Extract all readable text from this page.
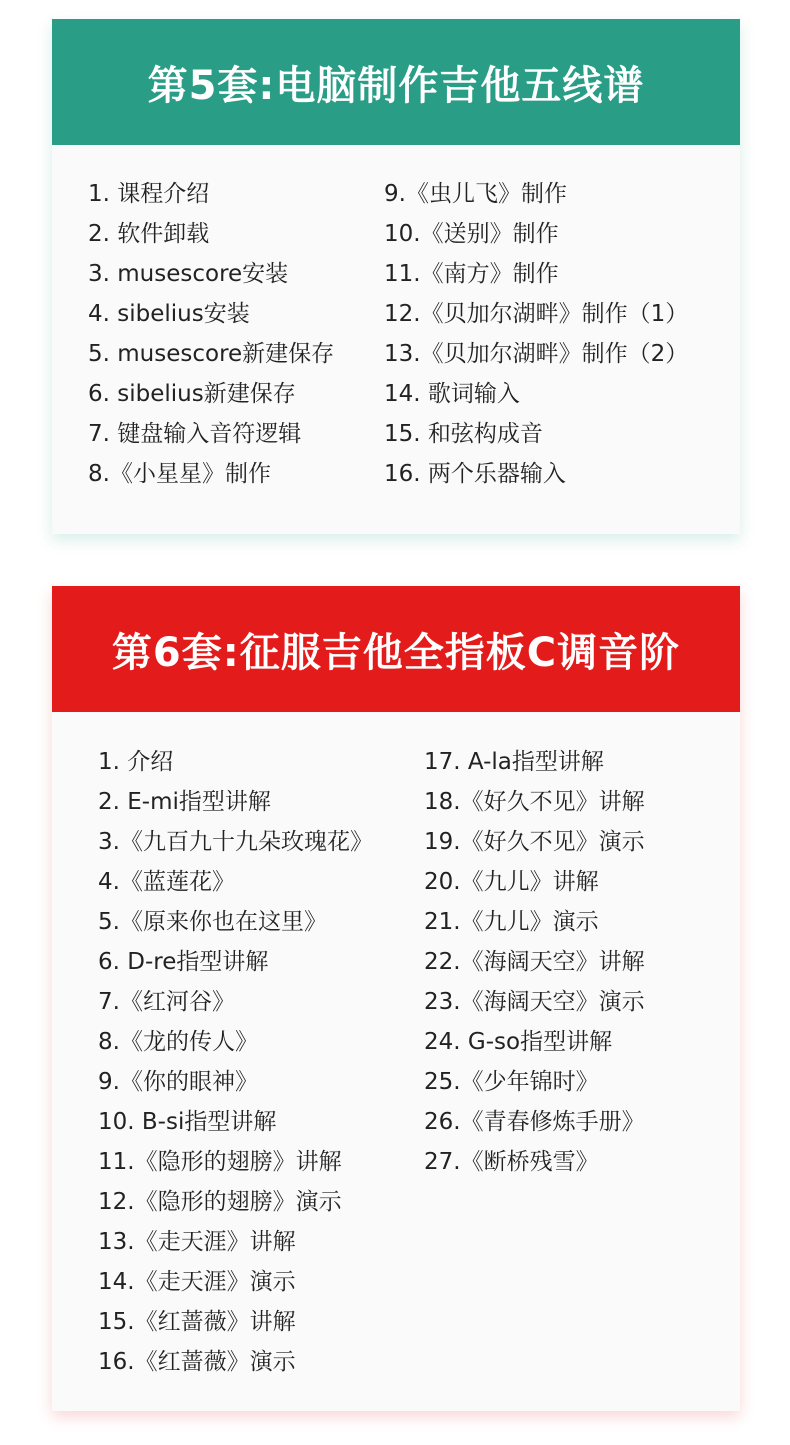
第5套:电脑制作吉他五线谱
1. 课程介绍
2. 软件卸载
3. musescore安装
4. sibelius安装
5. musescore新建保存
6. sibelius新建保存
7. 键盘输入音符逻辑
8.《小星星》制作
9.《虫儿飞》制作
10.《送别》制作
11.《南方》制作
12.《贝加尔湖畔》制作（1）
13.《贝加尔湖畔》制作（2）
14. 歌词输入
15. 和弦构成音
16. 两个乐器输入
第6套:征服吉他全指板C调音阶
1. 介绍
2. E-mi指型讲解
3.《九百九十九朵玫瑰花》
4.《蓝莲花》
5.《原来你也在这里》
6. D-re指型讲解
7.《红河谷》
8.《龙的传人》
9.《你的眼神》
10. B-si指型讲解
11.《隐形的翅膀》讲解
12.《隐形的翅膀》演示
13.《走天涯》讲解
14.《走天涯》演示
15.《红蔷薇》讲解
16.《红蔷薇》演示
17. A-la指型讲解
18.《好久不见》讲解
19.《好久不见》演示
20.《九儿》讲解
21.《九儿》演示
22.《海阔天空》讲解
23.《海阔天空》演示
24. G-so指型讲解
25.《少年锦时》
26.《青春修炼手册》
27.《断桥残雪》
